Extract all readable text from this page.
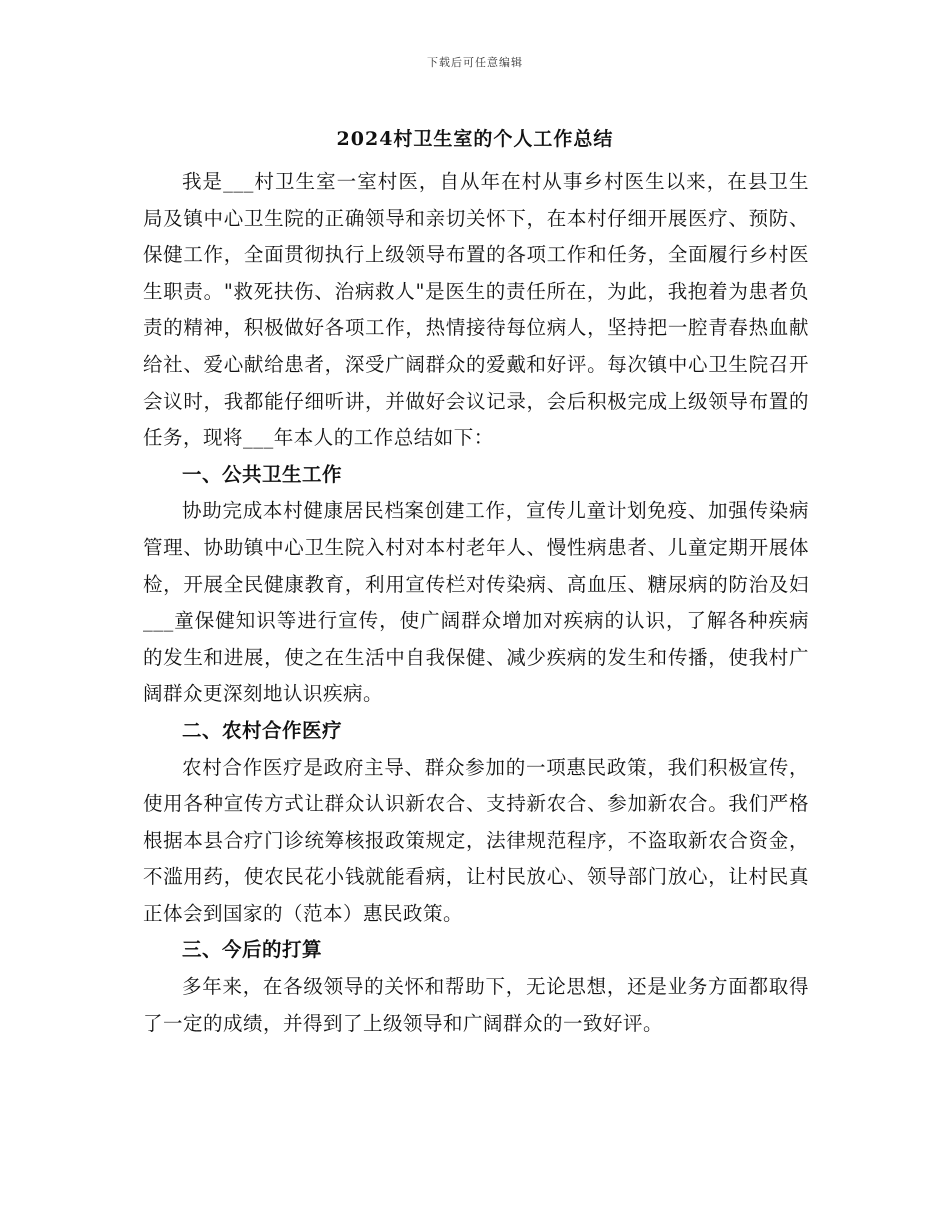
下载后可任意编辑
2024村卫生室的个人工作总结

我是___村卫生室一室村医，自从年在村从事乡村医生以来，在县卫生局及镇中心卫生院的正确领导和亲切关怀下，在本村仔细开展医疗、预防、保健工作，全面贯彻执行上级领导布置的各项工作和任务，全面履行乡村医生职责。"救死扶伤、治病救人"是医生的责任所在，为此，我抱着为患者负责的精神，积极做好各项工作，热情接待每位病人，坚持把一腔青春热血献给社、爱心献给患者，深受广阔群众的爱戴和好评。每次镇中心卫生院召开会议时，我都能仔细听讲，并做好会议记录，会后积极完成上级领导布置的任务，现将___年本人的工作总结如下：

一、公共卫生工作

协助完成本村健康居民档案创建工作，宣传儿童计划免疫、加强传染病管理、协助镇中心卫生院入村对本村老年人、慢性病患者、儿童定期开展体检，开展全民健康教育，利用宣传栏对传染病、高血压、糖尿病的防治及妇___童保健知识等进行宣传，使广阔群众增加对疾病的认识，了解各种疾病的发生和进展，使之在生活中自我保健、减少疾病的发生和传播，使我村广阔群众更深刻地认识疾病。

二、农村合作医疗

农村合作医疗是政府主导、群众参加的一项惠民政策，我们积极宣传，使用各种宣传方式让群众认识新农合、支持新农合、参加新农合。我们严格根据本县合疗门诊统筹核报政策规定，法律规范程序，不盗取新农合资金，不滥用药，使农民花小钱就能看病，让村民放心、领导部门放心，让村民真正体会到国家的（范本）惠民政策。

三、今后的打算

多年来，在各级领导的关怀和帮助下，无论思想，还是业务方面都取得了一定的成绩，并得到了上级领导和广阔群众的一致好评。
